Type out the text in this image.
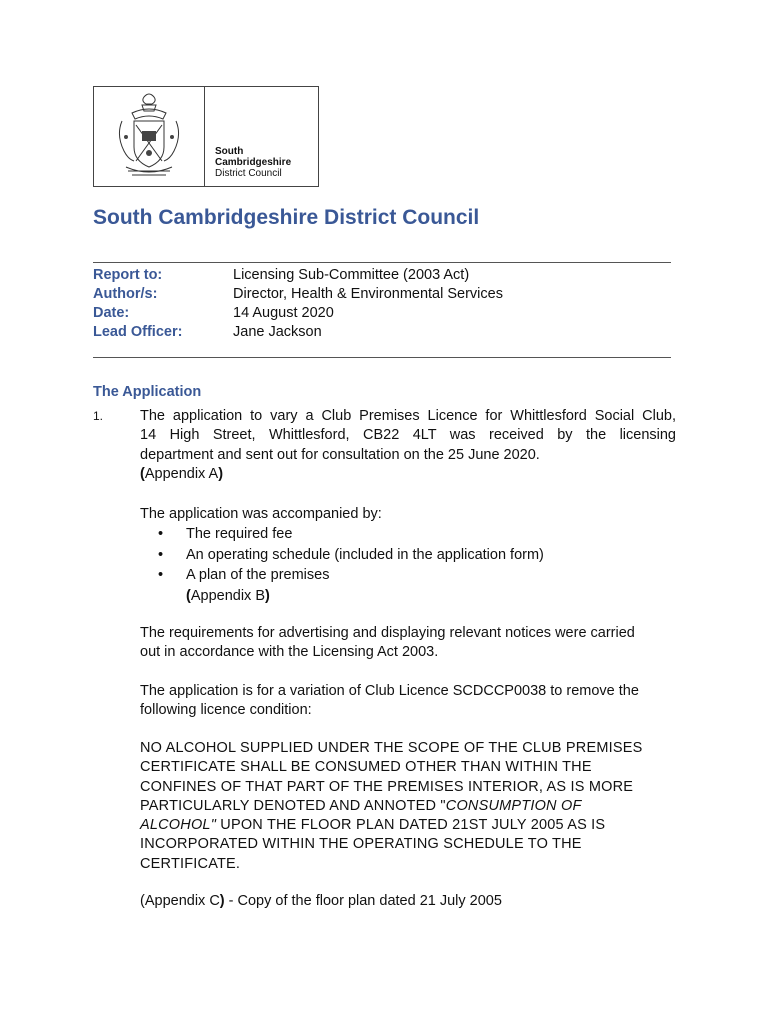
South
Cambridgeshire
District Council
South Cambridgeshire District Council
Report to:	Licensing Sub-Committee (2003 Act)
Author/s:	Director, Health & Environmental Services
Date:	14 August 2020
Lead Officer:	Jane Jackson
The Application
1.	The application to vary a Club Premises Licence for Whittlesford Social Club,
14 High Street, Whittlesford, CB22 4LT was received by the licensing
department and sent out for consultation on the 25 June 2020.
(Appendix A)
The application was accompanied by:
•	The required fee
•	An operating schedule (included in the application form)
•	A plan of the premises
(Appendix B)
The requirements for advertising and displaying relevant notices were carried
out in accordance with the Licensing Act 2003.
The application is for a variation of Club Licence SCDCCP0038 to remove the
following licence condition:
NO ALCOHOL SUPPLIED UNDER THE SCOPE OF THE CLUB PREMISES
CERTIFICATE SHALL BE CONSUMED OTHER THAN WITHIN THE
CONFINES OF THAT PART OF THE PREMISES INTERIOR, AS IS MORE
PARTICULARLY DENOTED AND ANNOTED "CONSUMPTION OF
ALCOHOL" UPON THE FLOOR PLAN DATED 21ST JULY 2005 AS IS
INCORPORATED WITHIN THE OPERATING SCHEDULE TO THE
CERTIFICATE.
(Appendix C) - Copy of the floor plan dated 21 July 2005
